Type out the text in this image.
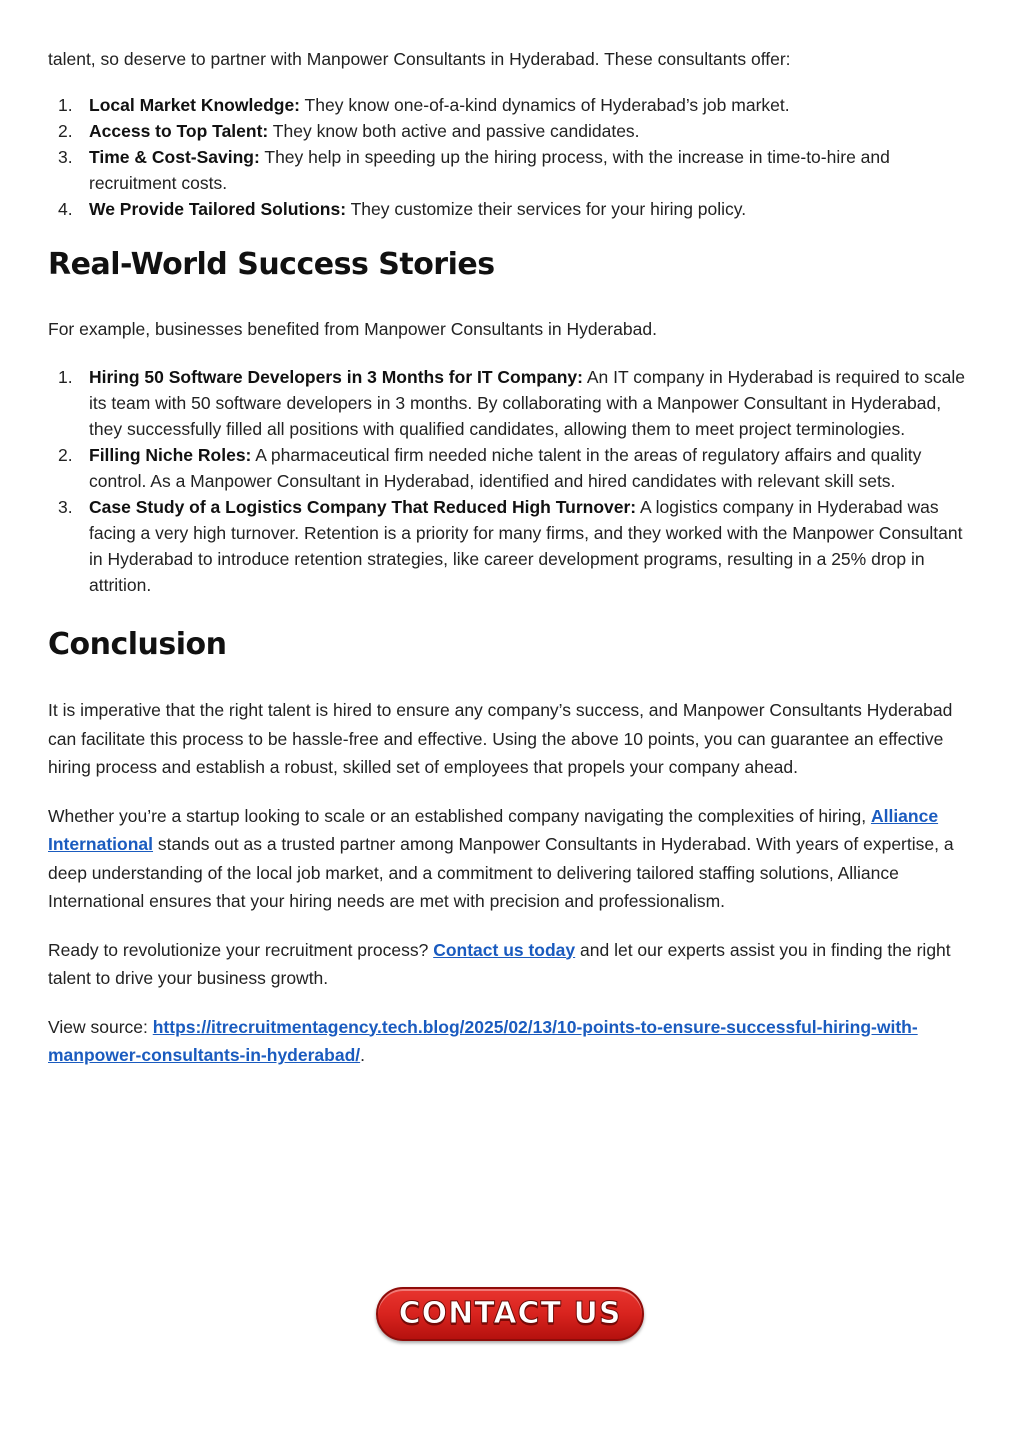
talent, so deserve to partner with Manpower Consultants in Hyderabad. These consultants offer:

1. Local Market Knowledge: They know one-of-a-kind dynamics of Hyderabad’s job market.
2. Access to Top Talent: They know both active and passive candidates.
3. Time & Cost-Saving: They help in speeding up the hiring process, with the increase in time-to-hire and recruitment costs.
4. We Provide Tailored Solutions: They customize their services for your hiring policy.
Real-World Success Stories

For example, businesses benefited from Manpower Consultants in Hyderabad.

1. Hiring 50 Software Developers in 3 Months for IT Company: An IT company in Hyderabad is required to scale its team with 50 software developers in 3 months. By collaborating with a Manpower Consultant in Hyderabad, they successfully filled all positions with qualified candidates, allowing them to meet project terminologies.
2. Filling Niche Roles: A pharmaceutical firm needed niche talent in the areas of regulatory affairs and quality control. As a Manpower Consultant in Hyderabad, identified and hired candidates with relevant skill sets.
3. Case Study of a Logistics Company That Reduced High Turnover: A logistics company in Hyderabad was facing a very high turnover. Retention is a priority for many firms, and they worked with the Manpower Consultant in Hyderabad to introduce retention strategies, like career development programs, resulting in a 25% drop in attrition.
Conclusion

It is imperative that the right talent is hired to ensure any company’s success, and Manpower Consultants Hyderabad can facilitate this process to be hassle-free and effective. Using the above 10 points, you can guarantee an effective hiring process and establish a robust, skilled set of employees that propels your company ahead.

Whether you’re a startup looking to scale or an established company navigating the complexities of hiring, Alliance International stands out as a trusted partner among Manpower Consultants in Hyderabad. With years of expertise, a deep understanding of the local job market, and a commitment to delivering tailored staffing solutions, Alliance International ensures that your hiring needs are met with precision and professionalism.

Ready to revolutionize your recruitment process? Contact us today and let our experts assist you in finding the right talent to drive your business growth.

View source: https://itrecruitmentagency.tech.blog/2025/02/13/10-points-to-ensure-successful-hiring-with-manpower-consultants-in-hyderabad/.

CONTACT US
